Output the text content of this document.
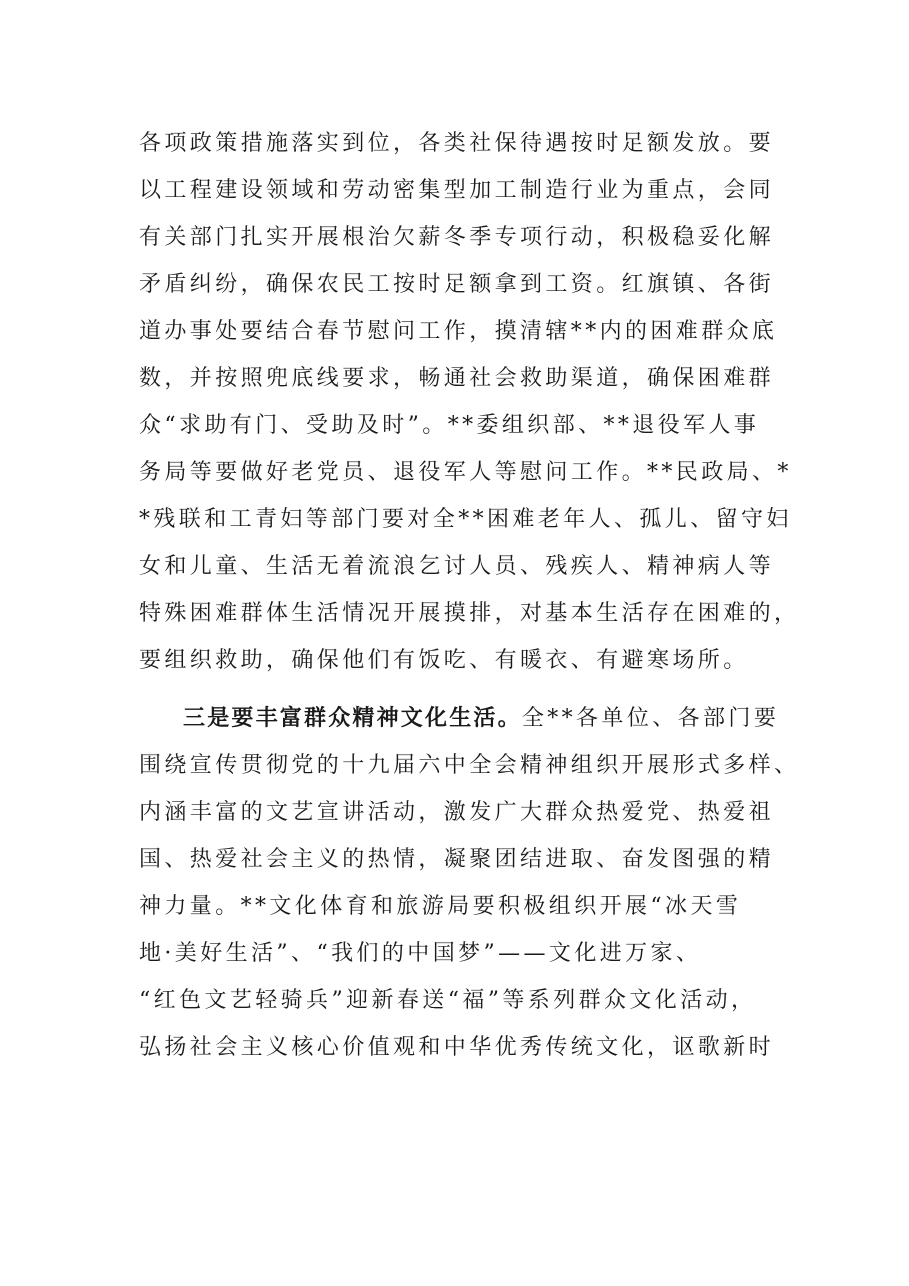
各项政策措施落实到位，各类社保待遇按时足额发放。要
以工程建设领域和劳动密集型加工制造行业为重点，会同
有关部门扎实开展根治欠薪冬季专项行动，积极稳妥化解
矛盾纠纷，确保农民工按时足额拿到工资。红旗镇、各街
道办事处要结合春节慰问工作，摸清辖**内的困难群众底
数，并按照兜底线要求，畅通社会救助渠道，确保困难群
众“求助有门、受助及时”。**委组织部、**退役军人事
务局等要做好老党员、退役军人等慰问工作。**民政局、*
*残联和工青妇等部门要对全**困难老年人、孤儿、留守妇
女和儿童、生活无着流浪乞讨人员、残疾人、精神病人等
特殊困难群体生活情况开展摸排，对基本生活存在困难的，
要组织救助，确保他们有饭吃、有暖衣、有避寒场所。
三是要丰富群众精神文化生活。全**各单位、各部门要
围绕宣传贯彻党的十九届六中全会精神组织开展形式多样、
内涵丰富的文艺宣讲活动，激发广大群众热爱党、热爱祖
国、热爱社会主义的热情，凝聚团结进取、奋发图强的精
神力量。**文化体育和旅游局要积极组织开展“冰天雪
地·美好生活”、“我们的中国梦”——文化进万家、
“红色文艺轻骑兵”迎新春送“福”等系列群众文化活动，
弘扬社会主义核心价值观和中华优秀传统文化，讴歌新时
